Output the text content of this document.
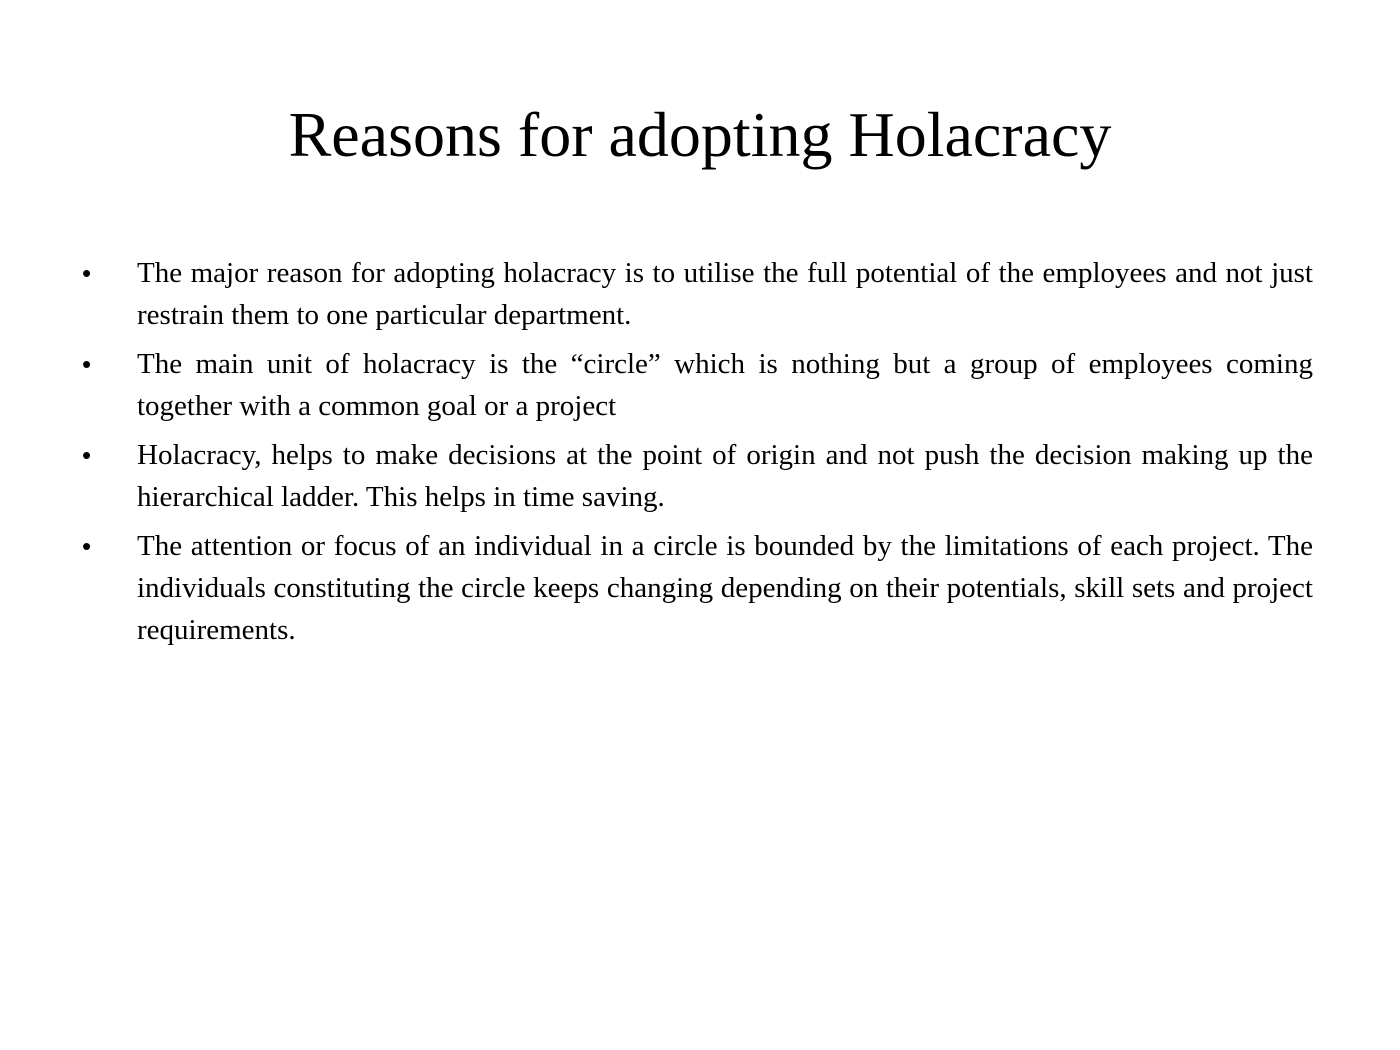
Reasons for adopting Holacracy
• The major reason for adopting holacracy is to utilise the full potential of the employees and not just restrain them to one particular department.
• The main unit of holacracy is the “circle” which is nothing but a group of employees coming together with a common goal or a project
• Holacracy, helps to make decisions at the point of origin and not push the decision making up the hierarchical ladder. This helps in time saving.
• The attention or focus of an individual in a circle is bounded by the limitations of each project. The individuals constituting the circle keeps changing depending on their potentials, skill sets and project requirements.
